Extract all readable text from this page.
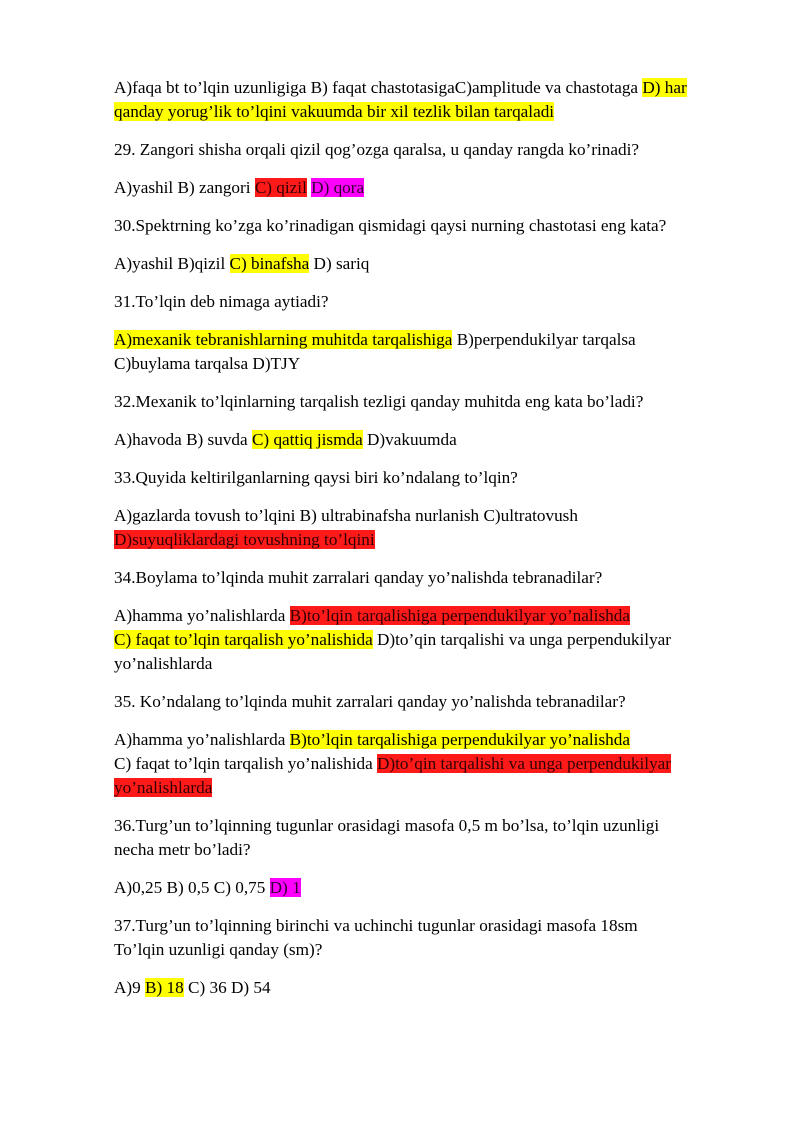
A)faqa bt to’lqin uzunligiga B) faqat chastotasigaC)amplitude va chastotaga D) har
qanday yorug’lik to’lqini vakuumda bir xil tezlik bilan tarqaladi
29. Zangori shisha orqali qizil qog’ozga qaralsa, u qanday rangda ko’rinadi?
A)yashil B) zangori C) qizil D) qora
30.Spektrning ko’zga ko’rinadigan qismidagi qaysi nurning chastotasi eng kata?
A)yashil B)qizil C) binafsha D) sariq
31.To’lqin deb nimaga aytiadi?
A)mexanik tebranishlarning muhitda tarqalishiga B)perpendukilyar tarqalsa
C)buylama tarqalsa D)TJY
32.Mexanik to’lqinlarning tarqalish tezligi qanday muhitda eng kata bo’ladi?
A)havoda B) suvda C) qattiq jismda D)vakuumda
33.Quyida keltirilganlarning qaysi biri ko’ndalang to’lqin?
A)gazlarda tovush to’lqini B) ultrabinafsha nurlanish C)ultratovush
D)suyuqliklardagi tovushning to’lqini
34.Boylama to’lqinda muhit zarralari qanday yo’nalishda tebranadilar?
A)hamma yo’nalishlarda B)to’lqin tarqalishiga perpendukilyar yo’nalishda
C) faqat to’lqin tarqalish yo’nalishida D)to’qin tarqalishi va unga perpendukilyar
yo’nalishlarda
35. Ko’ndalang to’lqinda muhit zarralari qanday yo’nalishda tebranadilar?
A)hamma yo’nalishlarda B)to’lqin tarqalishiga perpendukilyar yo’nalishda
C) faqat to’lqin tarqalish yo’nalishida D)to’qin tarqalishi va unga perpendukilyar
yo’nalishlarda
36.Turg’un to’lqinning tugunlar orasidagi masofa 0,5 m bo’lsa, to’lqin uzunligi
necha metr bo’ladi?
A)0,25 B) 0,5 C) 0,75 D) 1
37.Turg’un to’lqinning birinchi va uchinchi tugunlar orasidagi masofa 18sm
To’lqin uzunligi qanday (sm)?
A)9 B) 18 C) 36 D) 54
